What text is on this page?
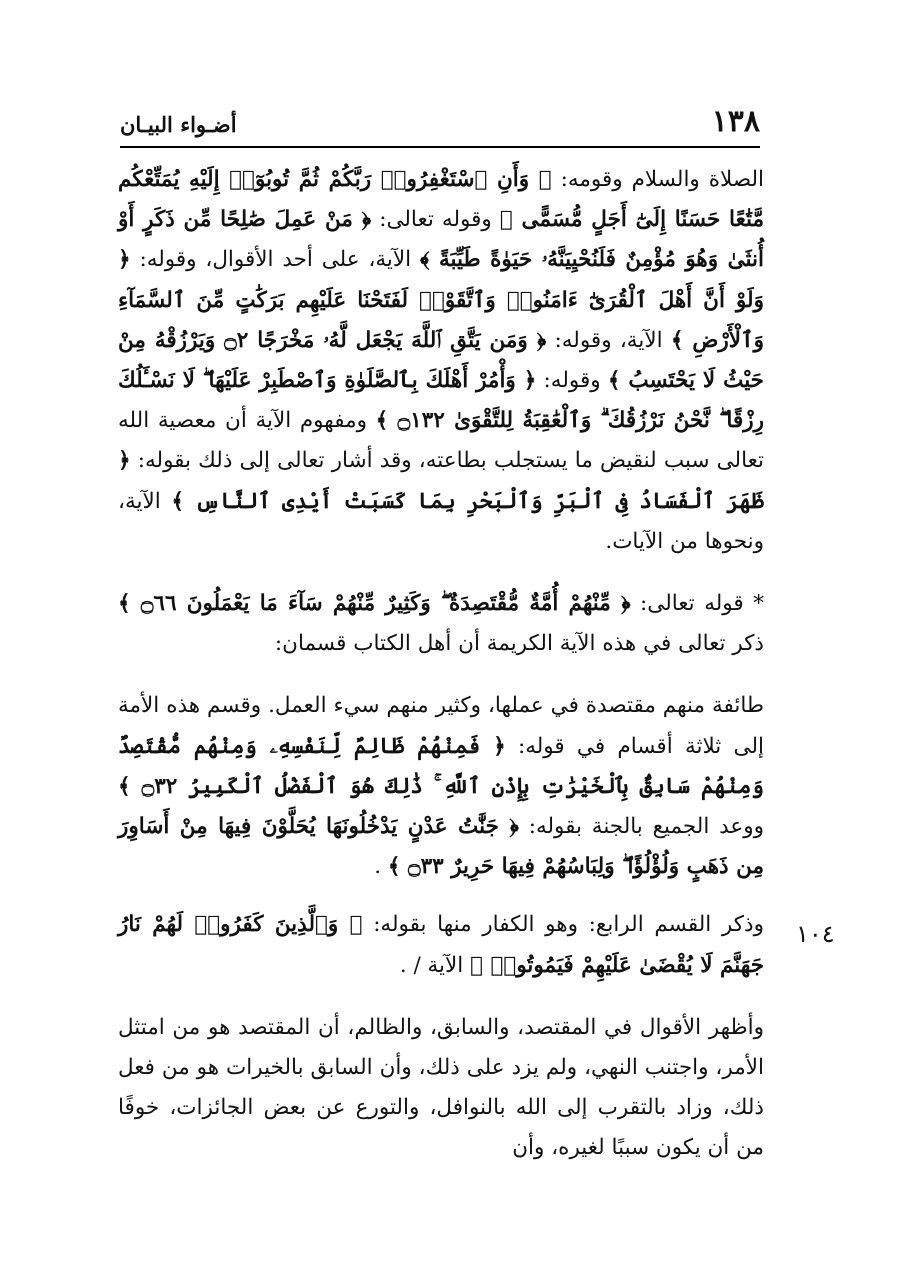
١٣٨
أضـواء البيـان
١٠٤

الصلاة والسلام وقومه: ﴿ وَأَنِ ٱسْتَغْفِرُوا۟ رَبَّكُمْ ثُمَّ تُوبُوٓا۟ إِلَيْهِ يُمَتِّعْكُم مَّتَٰعًا حَسَنًا إِلَىٰٓ أَجَلٍ مُّسَمًّى ﴾ وقوله تعالى: ﴿ مَنْ عَمِلَ صَٰلِحًا مِّن ذَكَرٍ أَوْ أُنثَىٰ وَهُوَ مُؤْمِنٌ فَلَنُحْيِيَنَّهُۥ حَيَوٰةً طَيِّبَةً ﴾ الآية، على أحد الأقوال، وقوله: ﴿ وَلَوْ أَنَّ أَهْلَ ٱلْقُرَىٰٓ ءَامَنُوا۟ وَٱتَّقَوْا۟ لَفَتَحْنَا عَلَيْهِم بَرَكَٰتٍ مِّنَ ٱلسَّمَآءِ وَٱلْأَرْضِ ﴾ الآية، وقوله: ﴿ وَمَن يَتَّقِ ٱللَّهَ يَجْعَل لَّهُۥ مَخْرَجًا ۝٢ وَيَرْزُقْهُ مِنْ حَيْثُ لَا يَحْتَسِبُ ﴾ وقوله: ﴿ وَأْمُرْ أَهْلَكَ بِٱلصَّلَوٰةِ وَٱصْطَبِرْ عَلَيْهَا ۖ لَا نَسْـَٔلُكَ رِزْقًا ۖ نَّحْنُ نَرْزُقُكَ ۗ وَٱلْعَٰقِبَةُ لِلتَّقْوَىٰ ۝١٣٢ ﴾ ومفهوم الآية أن معصية الله تعالى سبب لنقيض ما يستجلب بطاعته، وقد أشار تعالى إلى ذلك بقوله: ﴿ ظَهَرَ ٱلْفَسَادُ فِى ٱلْبَرِّ وَٱلْبَحْرِ بِمَا كَسَبَتْ أَيْدِى ٱلنَّاسِ ﴾ الآية، ونحوها من الآيات.

* قوله تعالى: ﴿ مِّنْهُمْ أُمَّةٌ مُّقْتَصِدَةٌ ۖ وَكَثِيرٌ مِّنْهُمْ سَآءَ مَا يَعْمَلُونَ ۝٦٦ ﴾ ذكر تعالى في هذه الآية الكريمة أن أهل الكتاب قسمان:

طائفة منهم مقتصدة في عملها، وكثير منهم سيء العمل. وقسم هذه الأمة إلى ثلاثة أقسام في قوله: ﴿ فَمِنْهُمْ ظَالِمٌ لِّنَفْسِهِۦ وَمِنْهُم مُّقْتَصِدٌ وَمِنْهُمْ سَابِقٌۢ بِٱلْخَيْرَٰتِ بِإِذْنِ ٱللَّهِ ۚ ذَٰلِكَ هُوَ ٱلْفَضْلُ ٱلْكَبِيرُ ۝٣٢ ﴾ ووعد الجميع بالجنة بقوله: ﴿ جَنَّٰتُ عَدْنٍ يَدْخُلُونَهَا يُحَلَّوْنَ فِيهَا مِنْ أَسَاوِرَ مِن ذَهَبٍ وَلُؤْلُؤًا ۖ وَلِبَاسُهُمْ فِيهَا حَرِيرٌ ۝٣٣ ﴾ .

وذكر القسم الرابع: وهو الكفار منها بقوله: ﴿ وَٱلَّذِينَ كَفَرُوا۟ لَهُمْ نَارُ جَهَنَّمَ لَا يُقْضَىٰ عَلَيْهِمْ فَيَمُوتُوا۟ ﴾ الآية / .

وأظهر الأقوال في المقتصد، والسابق، والظالم، أن المقتصد هو من امتثل الأمر، واجتنب النهي، ولم يزد على ذلك، وأن السابق بالخيرات هو من فعل ذلك، وزاد بالتقرب إلى الله بالنوافل، والتورع عن بعض الجائزات، خوفًا من أن يكون سببًا لغيره، وأن
